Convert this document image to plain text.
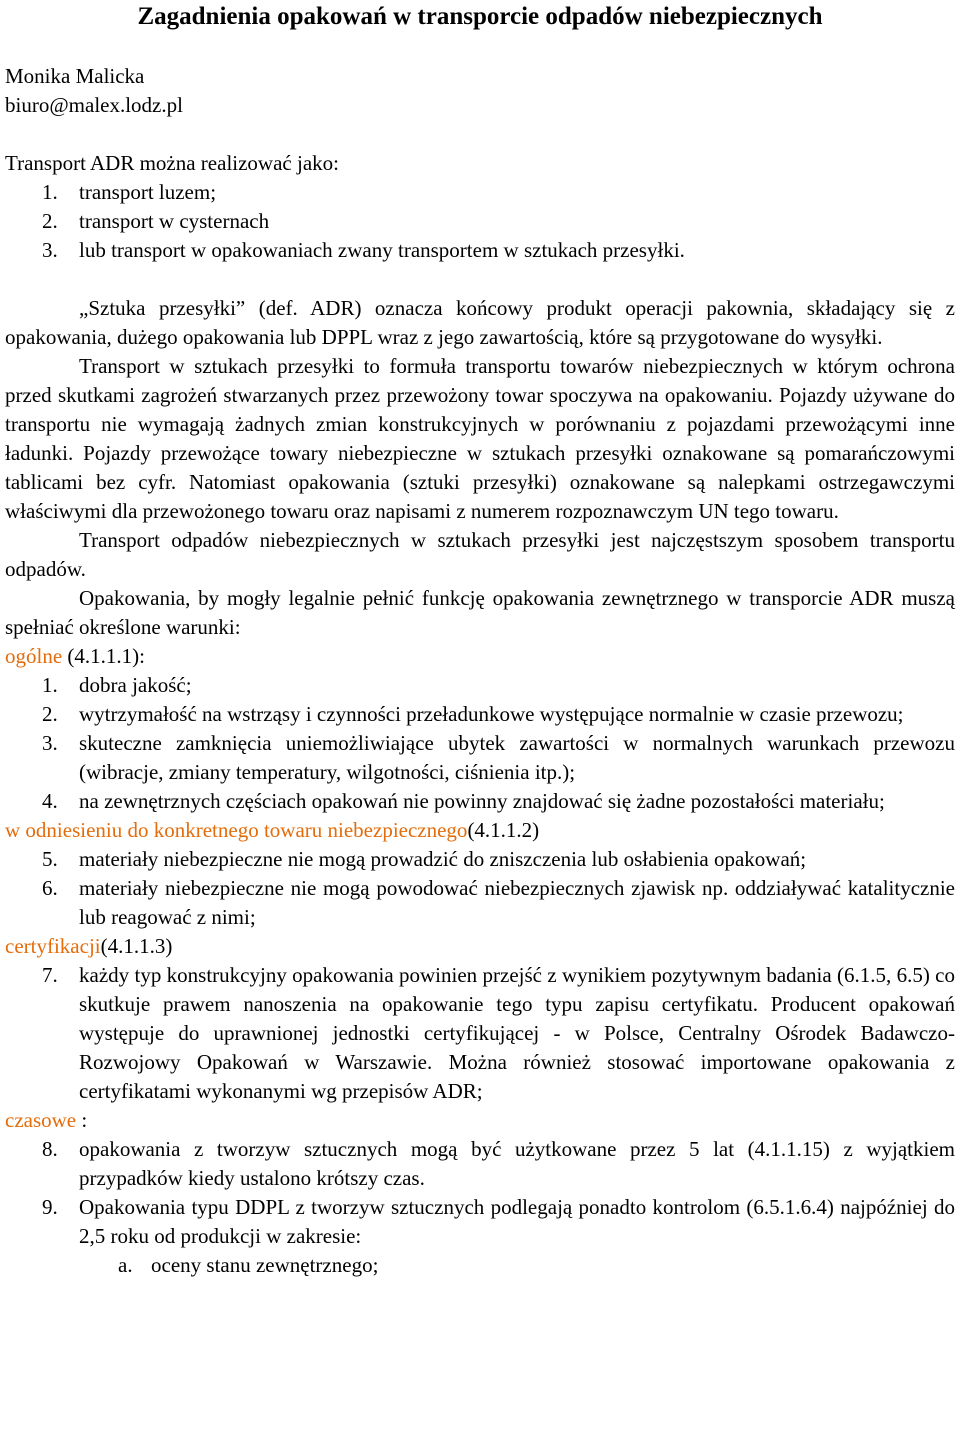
Zagadnienia opakowań w transporcie odpadów niebezpiecznych

Monika Malicka

biuro@malex.lodz.pl

Transport ADR można realizować jako:

1. transport luzem;
2. transport w cysternach
3. lub transport w opakowaniach zwany transportem w sztukach przesyłki.

„Sztuka przesyłki” (def. ADR) oznacza końcowy produkt operacji pakownia, składający się z opakowania, dużego opakowania lub DPPL wraz z jego zawartością, które są przygotowane do wysyłki.

Transport w sztukach przesyłki to formuła transportu towarów niebezpiecznych w którym ochrona przed skutkami zagrożeń stwarzanych przez przewożony towar spoczywa na opakowaniu. Pojazdy używane do transportu nie wymagają żadnych zmian konstrukcyjnych w porównaniu z pojazdami przewożącymi inne ładunki. Pojazdy przewożące towary niebezpieczne w sztukach przesyłki oznakowane są pomarańczowymi tablicami bez cyfr. Natomiast opakowania (sztuki przesyłki) oznakowane są nalepkami ostrzegawczymi właściwymi dla przewożonego towaru oraz napisami z numerem rozpoznawczym UN tego towaru.

Transport odpadów niebezpiecznych w sztukach przesyłki jest najczęstszym sposobem transportu odpadów.

Opakowania, by mogły legalnie pełnić funkcję opakowania zewnętrznego w transporcie ADR muszą spełniać określone warunki:

ogólne (4.1.1.1):

1. dobra jakość;
2. wytrzymałość na wstrząsy i czynności przeładunkowe występujące normalnie w czasie przewozu;
3. skuteczne zamknięcia uniemożliwiające ubytek zawartości w normalnych warunkach przewozu (wibracje, zmiany temperatury, wilgotności, ciśnienia itp.);
4. na zewnętrznych częściach opakowań nie powinny znajdować się żadne pozostałości materiału;

w odniesieniu do konkretnego towaru niebezpiecznego(4.1.1.2)

5. materiały niebezpieczne nie mogą prowadzić do zniszczenia lub osłabienia opakowań;
6. materiały niebezpieczne nie mogą powodować niebezpiecznych zjawisk np. oddziaływać katalitycznie lub reagować z nimi;

certyfikacji(4.1.1.3)

7. każdy typ konstrukcyjny opakowania powinien przejść z wynikiem pozytywnym badania (6.1.5, 6.5) co skutkuje prawem nanoszenia na opakowanie tego typu zapisu certyfikatu. Producent opakowań występuje do uprawnionej jednostki certyfikującej - w Polsce, Centralny Ośrodek Badawczo-Rozwojowy Opakowań w Warszawie. Można również stosować importowane opakowania z certyfikatami wykonanymi wg przepisów ADR;

czasowe :

8. opakowania z tworzyw sztucznych mogą być użytkowane przez 5 lat (4.1.1.15) z wyjątkiem przypadków kiedy ustalono krótszy czas.
9. Opakowania typu DDPL z tworzyw sztucznych podlegają ponadto kontrolom (6.5.1.6.4) najpóźniej do 2,5 roku od produkcji w zakresie:
a. oceny stanu zewnętrznego;
